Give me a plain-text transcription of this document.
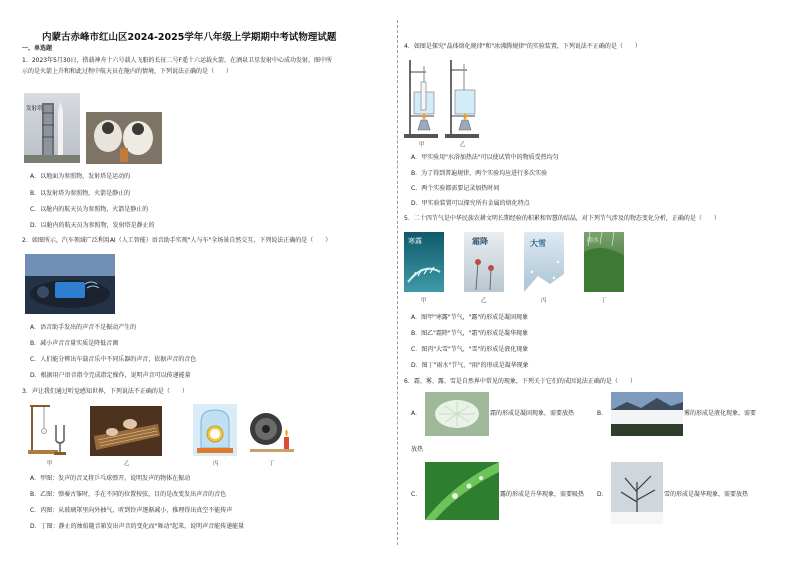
内蒙古赤峰市红山区2024-2025学年八年级上学期期中考试物理试题
一、单选题
1．2023年5月30日，搭载神舟十六号载人飞船的长征二号F遥十六运载火箭，在酒泉卫星发射中心成功发射。图中所
示的是火箭上升和和此过程中航天员在舱内的情境，下列说法正确的是（　　）
发射塔
A．以地面为参照物，发射塔是运动的
B．以发射塔为参照物，火箭是静止的
C．以舱内的航天员为参照物，火箭是静止的
D．以舱内的航天员为参照物，发射塔是静止的
2．如图所示，汽车领域广泛利用AI（人工智能）语音助手实现"人与车"全场景自然交互，下列说法正确的是（　　）
A．语音助手发出的声音不是振动产生的
B．减小声音音量实质是降低音调
C．人们能分辨出车载音乐中不同乐器的声音，依据声音的音色
D．根据用户语音指令完成指定操作，说明声音可以传递能量
3．声让我们通过听觉感知世界，下列说法不正确的是（　　）
甲	乙	丙	丁
A．甲图：发声的音叉将乒乓球弹开，说明发声的物体在振动
B．乙图：弹奏古筝时，手在不同的位置按弦，目的是改变发出声音的音色
C．丙图：从玻璃罩里向外抽气，听到铃声逐渐减小，推理得出真空不能传声
D．丁图：静止的烛焰随音箱发出声音的变化而"舞动"起来，说明声音能传递能量
4．如图是探究"晶体熔化规律"和"冰沸腾规律"的实验装置，下列说法不正确的是（　　）
甲	乙
A．甲实验用"水浴加热法"可以使试管中的物质受热均匀
B．为了得到普遍规律，两个实验均应进行多次实验
C．两个实验都需要记录加热时间
D．甲实验装置可以探究所有金属的熔化特点
5．二十四节气是中华民族农耕文明长期经验的积累和智慧的结晶，对下列节气涉及的物态变化分析，正确的是（　　）
寒露	霜降	大雪	雨水
甲	乙	丙	丁
A．图甲"寒露"节气，"露"的形成是凝固现象
B．图乙"霜降"节气，"霜"的形成是凝华现象
C．图丙"大雪"节气，"雪"的形成是液化现象
D．图丁"雨水"节气，"雨"的形成是凝华现象
6．霜、雾、露、雪是自然界中常见的现象，下列关于它们的成因说法正确的是（　　）
A．	霜的形成是凝固现象，需要放热	B．	雾的形成是液化现象，需要
放热
C．	露的形成是升华现象，需要吸热 D．	雪的形成是凝华现象，需要放热
